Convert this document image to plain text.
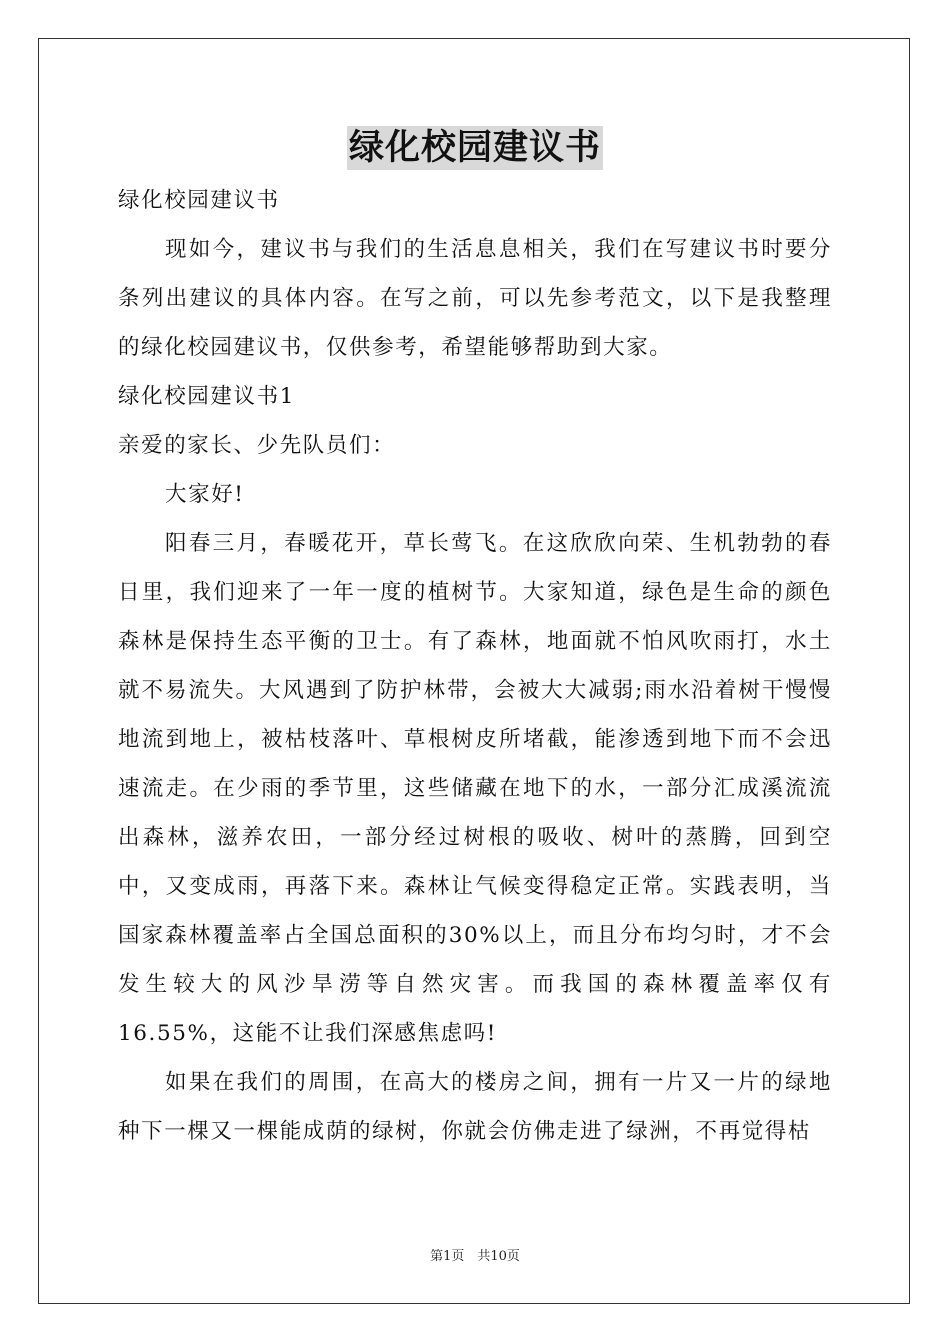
绿化校园建议书

绿化校园建议书

现如今，建议书与我们的生活息息相关，我们在写建议书时要分条列出建议的具体内容。在写之前，可以先参考范文，以下是我整理的绿化校园建议书，仅供参考，希望能够帮助到大家。

绿化校园建议书1

亲爱的家长、少先队员们：

大家好!

阳春三月，春暖花开，草长莺飞。在这欣欣向荣、生机勃勃的春日里，我们迎来了一年一度的植树节。大家知道，绿色是生命的颜色森林是保持生态平衡的卫士。有了森林，地面就不怕风吹雨打，水土就不易流失。大风遇到了防护林带，会被大大减弱;雨水沿着树干慢慢地流到地上，被枯枝落叶、草根树皮所堵截，能渗透到地下而不会迅速流走。在少雨的季节里，这些储藏在地下的水，一部分汇成溪流流出森林，滋养农田，一部分经过树根的吸收、树叶的蒸腾，回到空中，又变成雨，再落下来。森林让气候变得稳定正常。实践表明，当国家森林覆盖率占全国总面积的30%以上，而且分布均匀时，才不会发生较大的风沙旱涝等自然灾害。而我国的森林覆盖率仅有16.55%，这能不让我们深感焦虑吗!

如果在我们的周围，在高大的楼房之间，拥有一片又一片的绿地种下一棵又一棵能成荫的绿树，你就会仿佛走进了绿洲，不再觉得枯

第1页　共10页
